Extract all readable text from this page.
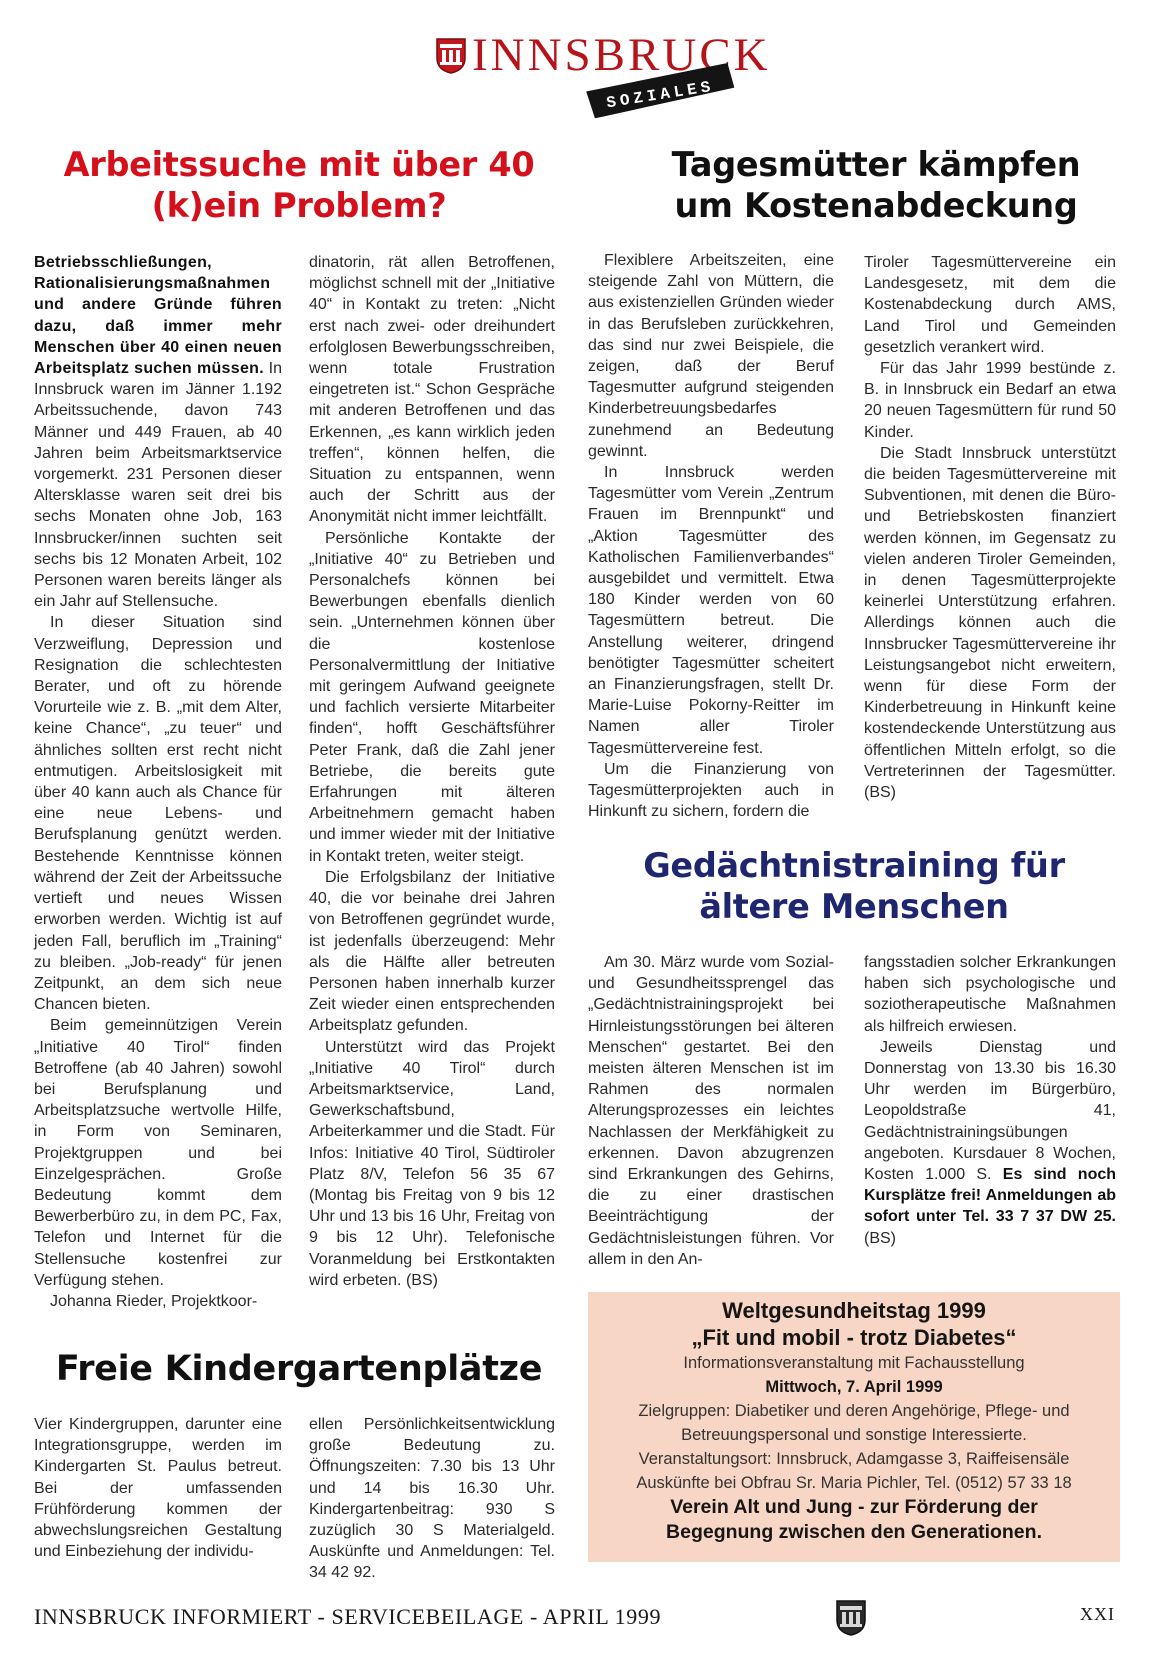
INNSBRUCK
SOZIALES
Arbeitssuche mit über 40
(k)ein Problem?
Tagesmütter kämpfen
um Kostenabdeckung

Betriebsschließungen, Rationalisierungsmaßnahmen und andere Gründe führen dazu, daß immer mehr Menschen über 40 einen neuen Arbeitsplatz suchen müssen. In Innsbruck waren im Jänner 1.192 Arbeitssuchende, davon 743 Männer und 449 Frauen, ab 40 Jahren beim Arbeitsmarktservice vorgemerkt. 231 Personen dieser Altersklasse waren seit drei bis sechs Monaten ohne Job, 163 Innsbrucker/innen suchten seit sechs bis 12 Monaten Arbeit, 102 Personen waren bereits länger als ein Jahr auf Stellensuche.

In dieser Situation sind Verzweiflung, Depression und Resignation die schlechtesten Berater, und oft zu hörende Vorurteile wie z. B. „mit dem Alter, keine Chance“, „zu teuer“ und ähnliches sollten erst recht nicht entmutigen. Arbeitslosigkeit mit über 40 kann auch als Chance für eine neue Lebens- und Berufsplanung genützt werden. Bestehende Kenntnisse können während der Zeit der Arbeitssuche vertieft und neues Wissen erworben werden. Wichtig ist auf jeden Fall, beruflich im „Training“ zu bleiben. „Job-ready“ für jenen Zeitpunkt, an dem sich neue Chancen bieten.

Beim gemeinnützigen Verein „Initiative 40 Tirol“ finden Betroffene (ab 40 Jahren) sowohl bei Berufsplanung und Arbeitsplatzsuche wertvolle Hilfe, in Form von Seminaren, Projektgruppen und bei Einzelgesprächen. Große Bedeutung kommt dem Bewerberbüro zu, in dem PC, Fax, Telefon und Internet für die Stellensuche kostenfrei zur Verfügung stehen.

Johanna Rieder, Projektkoor-

dinatorin, rät allen Betroffenen, möglichst schnell mit der „Initiative 40“ in Kontakt zu treten: „Nicht erst nach zwei- oder dreihundert erfolglosen Bewerbungsschreiben, wenn totale Frustration eingetreten ist.“ Schon Gespräche mit anderen Betroffenen und das Erkennen, „es kann wirklich jeden treffen“, können helfen, die Situation zu entspannen, wenn auch der Schritt aus der Anonymität nicht immer leichtfällt.

Persönliche Kontakte der „Initiative 40“ zu Betrieben und Personalchefs können bei Bewerbungen ebenfalls dienlich sein. „Unternehmen können über die kostenlose Personalvermittlung der Initiative mit geringem Aufwand geeignete und fachlich versierte Mitarbeiter finden“, hofft Geschäftsführer Peter Frank, daß die Zahl jener Betriebe, die bereits gute Erfahrungen mit älteren Arbeitnehmern gemacht haben und immer wieder mit der Initiative in Kontakt treten, weiter steigt.

Die Erfolgsbilanz der Initiative 40, die vor beinahe drei Jahren von Betroffenen gegründet wurde, ist jedenfalls überzeugend: Mehr als die Hälfte aller betreuten Personen haben innerhalb kurzer Zeit wieder einen entsprechenden Arbeitsplatz gefunden.

Unterstützt wird das Projekt „Initiative 40 Tirol“ durch Arbeitsmarktservice, Land, Gewerkschaftsbund, Arbeiterkammer und die Stadt. Für Infos: Initiative 40 Tirol, Südtiroler Platz 8/V, Telefon 56 35 67 (Montag bis Freitag von 9 bis 12 Uhr und 13 bis 16 Uhr, Freitag von 9 bis 12 Uhr). Telefonische Voranmeldung bei Erstkontakten wird erbeten. (BS)

Flexiblere Arbeitszeiten, eine steigende Zahl von Müttern, die aus existenziellen Gründen wieder in das Berufsleben zurückkehren, das sind nur zwei Beispiele, die zeigen, daß der Beruf Tagesmutter aufgrund steigenden Kinderbetreuungsbedarfes zunehmend an Bedeutung gewinnt.

In Innsbruck werden Tagesmütter vom Verein „Zentrum Frauen im Brennpunkt“ und „Aktion Tagesmütter des Katholischen Familienverbandes“ ausgebildet und vermittelt. Etwa 180 Kinder werden von 60 Tagesmüttern betreut. Die Anstellung weiterer, dringend benötigter Tagesmütter scheitert an Finanzierungsfragen, stellt Dr. Marie-Luise Pokorny-Reitter im Namen aller Tiroler Tagesmüttervereine fest.

Um die Finanzierung von Tagesmütterprojekten auch in Hinkunft zu sichern, fordern die

Tiroler Tagesmüttervereine ein Landesgesetz, mit dem die Kostenabdeckung durch AMS, Land Tirol und Gemeinden gesetzlich verankert wird.

Für das Jahr 1999 bestünde z. B. in Innsbruck ein Bedarf an etwa 20 neuen Tagesmüttern für rund 50 Kinder.

Die Stadt Innsbruck unterstützt die beiden Tagesmüttervereine mit Subventionen, mit denen die Büro- und Betriebskosten finanziert werden können, im Gegensatz zu vielen anderen Tiroler Gemeinden, in denen Tagesmütterprojekte keinerlei Unterstützung erfahren. Allerdings können auch die Innsbrucker Tagesmüttervereine ihr Leistungsangebot nicht erweitern, wenn für diese Form der Kinderbetreuung in Hinkunft keine kostendeckende Unterstützung aus öffentlichen Mitteln erfolgt, so die Vertreterinnen der Tagesmütter. (BS)

Gedächtnistraining für
ältere Menschen

Am 30. März wurde vom Sozial- und Gesundheitssprengel das „Gedächtnistrainingsprojekt bei Hirnleistungsstörungen bei älteren Menschen“ gestartet. Bei den meisten älteren Menschen ist im Rahmen des normalen Alterungsprozesses ein leichtes Nachlassen der Merkfähigkeit zu erkennen. Davon abzugrenzen sind Erkrankungen des Gehirns, die zu einer drastischen Beeinträchtigung der Gedächtnisleistungen führen. Vor allem in den An-

fangsstadien solcher Erkrankungen haben sich psychologische und soziotherapeutische Maßnahmen als hilfreich erwiesen.

Jeweils Dienstag und Donnerstag von 13.30 bis 16.30 Uhr werden im Bürgerbüro, Leopoldstraße 41, Gedächtnistrainingsübungen angeboten. Kursdauer 8 Wochen, Kosten 1.000 S. Es sind noch Kursplätze frei! Anmeldungen ab sofort unter Tel. 33 7 37 DW 25. (BS)

Freie Kindergartenplätze

Vier Kindergruppen, darunter eine Integrationsgruppe, werden im Kindergarten St. Paulus betreut. Bei der umfassenden Frühförderung kommen der abwechslungsreichen Gestaltung und Einbeziehung der individu-

ellen Persönlichkeitsentwicklung große Bedeutung zu. Öffnungszeiten: 7.30 bis 13 Uhr und 14 bis 16.30 Uhr. Kindergartenbeitrag: 930 S zuzüglich 30 S Materialgeld. Auskünfte und Anmeldungen: Tel. 34 42 92.

Weltgesundheitstag 1999
„Fit und mobil - trotz Diabetes“
Informationsveranstaltung mit Fachausstellung
Mittwoch, 7. April 1999
Zielgruppen: Diabetiker und deren Angehörige, Pflege- und Betreuungspersonal und sonstige Interessierte.
Veranstaltungsort: Innsbruck, Adamgasse 3, Raiffeisensäle
Auskünfte bei Obfrau Sr. Maria Pichler, Tel. (0512) 57 33 18
Verein Alt und Jung - zur Förderung der Begegnung zwischen den Generationen.
INNSBRUCK INFORMIERT - SERVICEBEILAGE - APRIL 1999	XXI
